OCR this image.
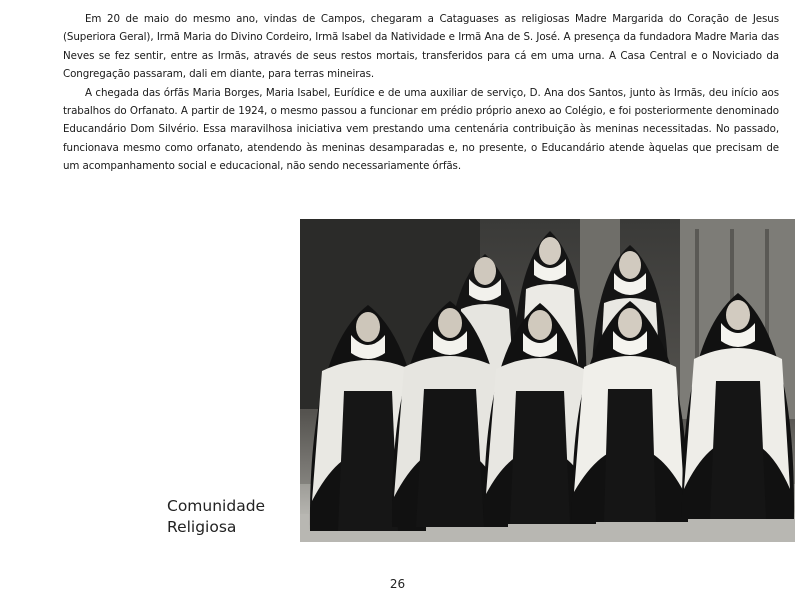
Em 20 de maio do mesmo ano, vindas de Campos, chegaram a Cataguases as religiosas Madre Margarida do Coração de Jesus (Superiora Geral), Irmã Maria do Divino Cordeiro, Irmã Isabel da Natividade e Irmã Ana de S. José. A presença da fundadora Madre Maria das Neves se fez sentir, entre as Irmãs, através de seus restos mortais, transferidos para cá em uma urna. A Casa Central e o Noviciado da Congregação passaram, dali em diante, para terras mineiras.

A chegada das órfãs Maria Borges, Maria Isabel, Eurídice e de uma auxiliar de serviço, D. Ana dos Santos, junto às Irmãs, deu início aos trabalhos do Orfanato. A partir de 1924, o mesmo passou a funcionar em prédio próprio anexo ao Colégio, e foi posteriormente denominado Educandário Dom Silvério. Essa maravilhosa iniciativa vem prestando uma centenária contribuição às meninas necessitadas. No passado, funcionava mesmo como orfanato, atendendo às meninas desamparadas e, no presente, o Educandário atende àquelas que precisam de um acompanhamento social e educacional, não sendo necessariamente órfãs.

Comunidade
Religiosa
26
